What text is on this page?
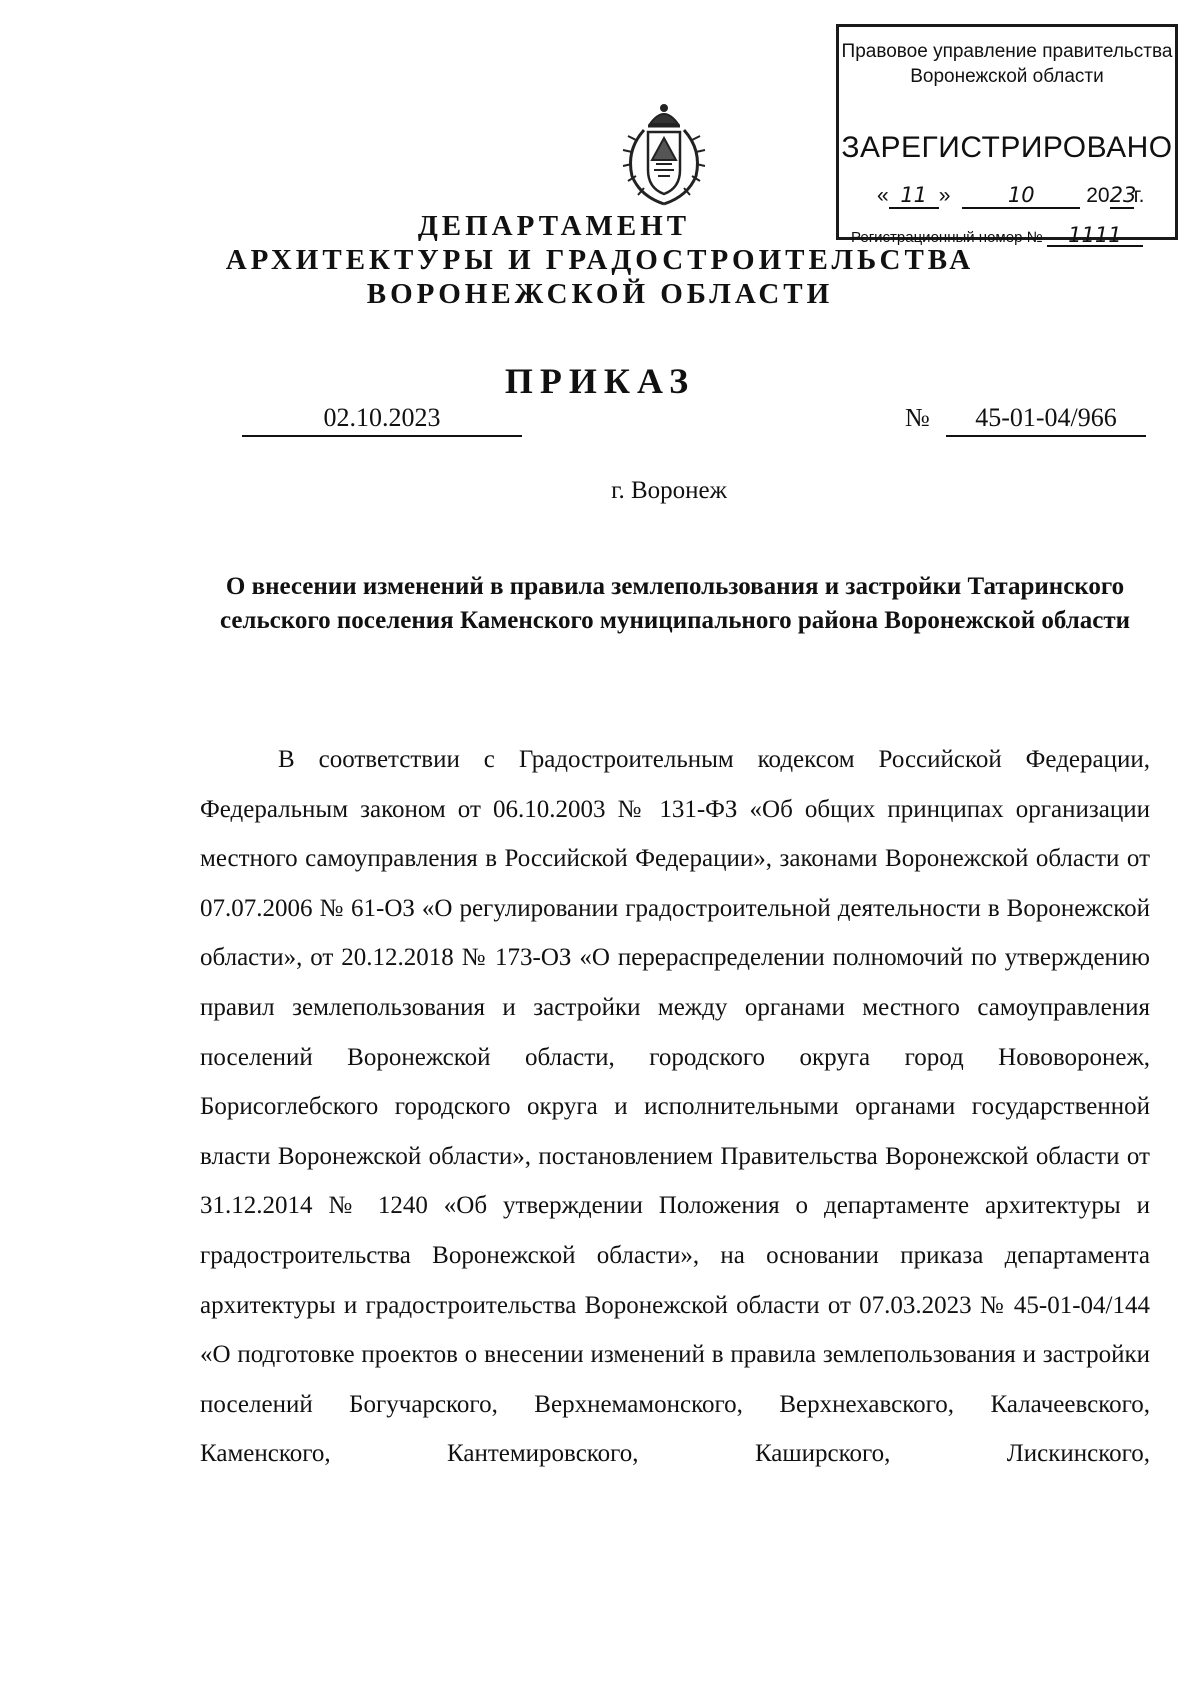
Правовое управление правительства Воронежской области
ЗАРЕГИСТРИРОВАНО
« 11 »	10 2023г.
Регистрационный номер № 1111
ДЕПАРТАМЕНТ
АРХИТЕКТУРЫ И ГРАДОСТРОИТЕЛЬСТВА
ВОРОНЕЖСКОЙ ОБЛАСТИ
ПРИКАЗ
02.10.2023	№	45-01-04/966
г. Воронеж
О внесении изменений в правила землепользования и застройки Татаринского сельского поселения Каменского муниципального района Воронежской области
В соответствии с Градостроительным кодексом Российской Федерации, Федеральным законом от 06.10.2003 № 131-ФЗ «Об общих принципах организации местного самоуправления в Российской Федерации», законами Воронежской области от 07.07.2006 № 61-ОЗ «О регулировании градостроительной деятельности в Воронежской области», от 20.12.2018 № 173-ОЗ «О перераспределении полномочий по утверждению правил землепользования и застройки между органами местного самоуправления поселений Воронежской области, городского округа город Нововоронеж, Борисоглебского городского округа и исполнительными органами государственной власти Воронежской области», постановлением Правительства Воронежской области от 31.12.2014 № 1240 «Об утверждении Положения о департаменте архитектуры и градостроительства Воронежской области», на основании приказа департамента архитектуры и градостроительства Воронежской области от 07.03.2023 № 45-01-04/144 «О подготовке проектов о внесении изменений в правила землепользования и застройки поселений Богучарского, Верхнемамонского, Верхнехавского, Калачеевского, Каменского, Кантемировского, Каширского, Лискинского,
